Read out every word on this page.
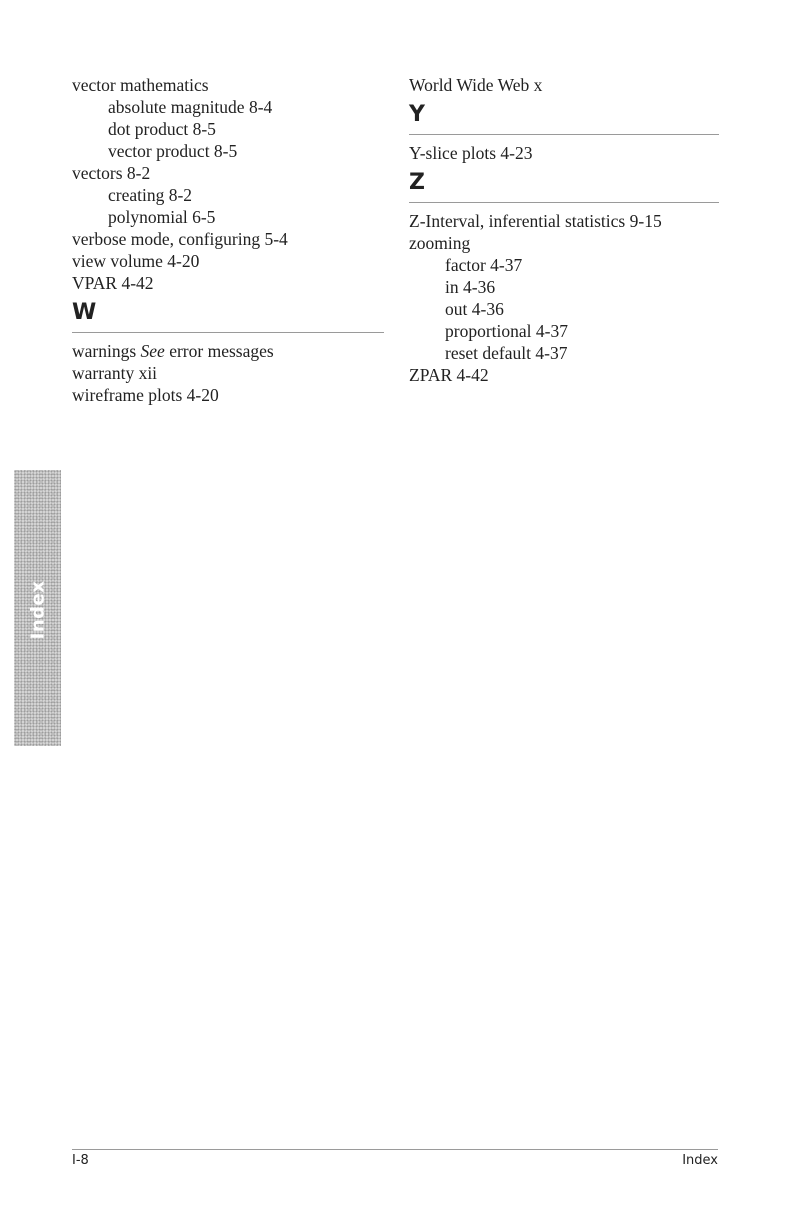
vector mathematics
absolute magnitude 8-4
dot product 8-5
vector product 8-5
vectors 8-2
creating 8-2
polynomial 6-5
verbose mode, configuring 5-4
view volume 4-20
VPAR 4-42
W
warnings See error messages
warranty xii
wireframe plots 4-20
World Wide Web x
Y
Y-slice plots 4-23
Z
Z-Interval, inferential statistics 9-15
zooming
factor 4-37
in 4-36
out 4-36
proportional 4-37
reset default 4-37
ZPAR 4-42
Index
I-8	Index
